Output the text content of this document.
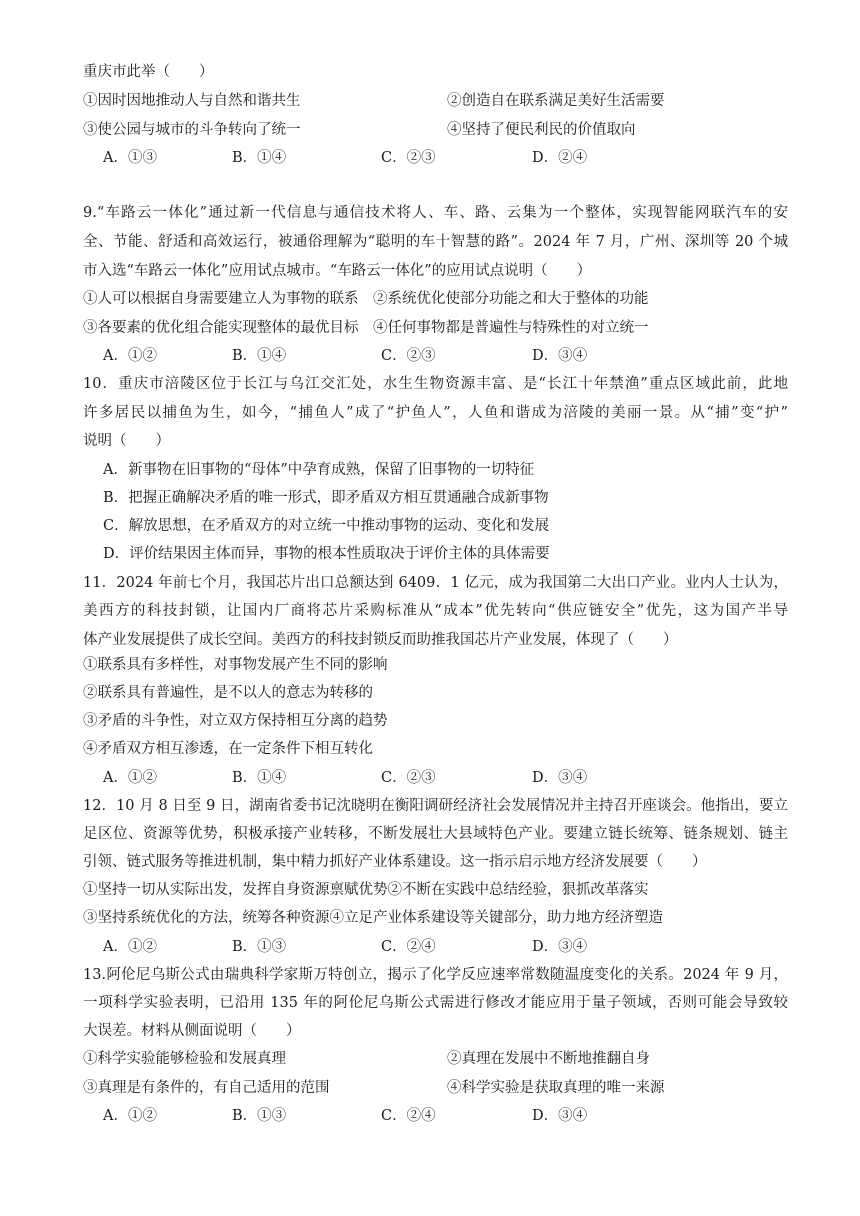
重庆市此举（　　）
①因时因地推动人与自然和谐共生	②创造自在联系满足美好生活需要
③使公园与城市的斗争转向了统一	④坚持了便民利民的价值取向
A．①③	B．①④	C．②③	D．②④
9.“车路云一体化”通过新一代信息与通信技术将人、车、路、云集为一个整体，实现智能网联汽车的安
全、节能、舒适和高效运行，被通俗理解为“聪明的车十智慧的路”。2024 年 7 月，广州、深圳等 20 个城
市入选“车路云一体化”应用试点城市。“车路云一体化”的应用试点说明（　　）
①人可以根据自身需要建立人为事物的联系　②系统优化使部分功能之和大于整体的功能
③各要素的优化组合能实现整体的最优目标　④任何事物都是普遍性与特殊性的对立统一
A．①②	B．①④	C．②③	D．③④
10．重庆市涪陵区位于长江与乌江交汇处，水生生物资源丰富、是“长江十年禁渔”重点区域此前，此地
许多居民以捕鱼为生，如今，“捕鱼人”成了“护鱼人”，人鱼和谐成为涪陵的美丽一景。从“捕”变“护”
说明（　　）
A．新事物在旧事物的“母体”中孕育成熟，保留了旧事物的一切特征
B．把握正确解决矛盾的唯一形式，即矛盾双方相互贯通融合成新事物
C．解放思想，在矛盾双方的对立统一中推动事物的运动、变化和发展
D．评价结果因主体而异，事物的根本性质取决于评价主体的具体需要
11．2024 年前七个月，我国芯片出口总额达到 6409．1 亿元，成为我国第二大出口产业。业内人士认为，
美西方的科技封锁，让国内厂商将芯片采购标准从“成本”优先转向“供应链安全”优先，这为国产半导
体产业发展提供了成长空间。美西方的科技封锁反而助推我国芯片产业发展，体现了（　　）
①联系具有多样性，对事物发展产生不同的影响
②联系具有普遍性，是不以人的意志为转移的
③矛盾的斗争性，对立双方保持相互分离的趋势
④矛盾双方相互渗透，在一定条件下相互转化
A．①②	B．①④	C．②③	D．③④
12．10 月 8 日至 9 日，湖南省委书记沈晓明在衡阳调研经济社会发展情况并主持召开座谈会。他指出，要立
足区位、资源等优势，积极承接产业转移，不断发展壮大县域特色产业。要建立链长统筹、链条规划、链主
引领、链式服务等推进机制，集中精力抓好产业体系建设。这一指示启示地方经济发展要（　　）
①坚持一切从实际出发，发挥自身资源禀赋优势②不断在实践中总结经验，狠抓改革落实
③坚持系统优化的方法，统筹各种资源④立足产业体系建设等关键部分，助力地方经济塑造
A．①②	B．①③	C．②④	D．③④
13.阿伦尼乌斯公式由瑞典科学家斯万特创立，揭示了化学反应速率常数随温度变化的关系。2024 年 9 月，
一项科学实验表明，已沿用 135 年的阿伦尼乌斯公式需进行修改才能应用于量子领域，否则可能会导致较
大误差。材料从侧面说明（　　）
①科学实验能够检验和发展真理	②真理在发展中不断地推翻自身
③真理是有条件的，有自己适用的范围	④科学实验是获取真理的唯一来源
A．①②	B．①③	C．②④	D．③④
